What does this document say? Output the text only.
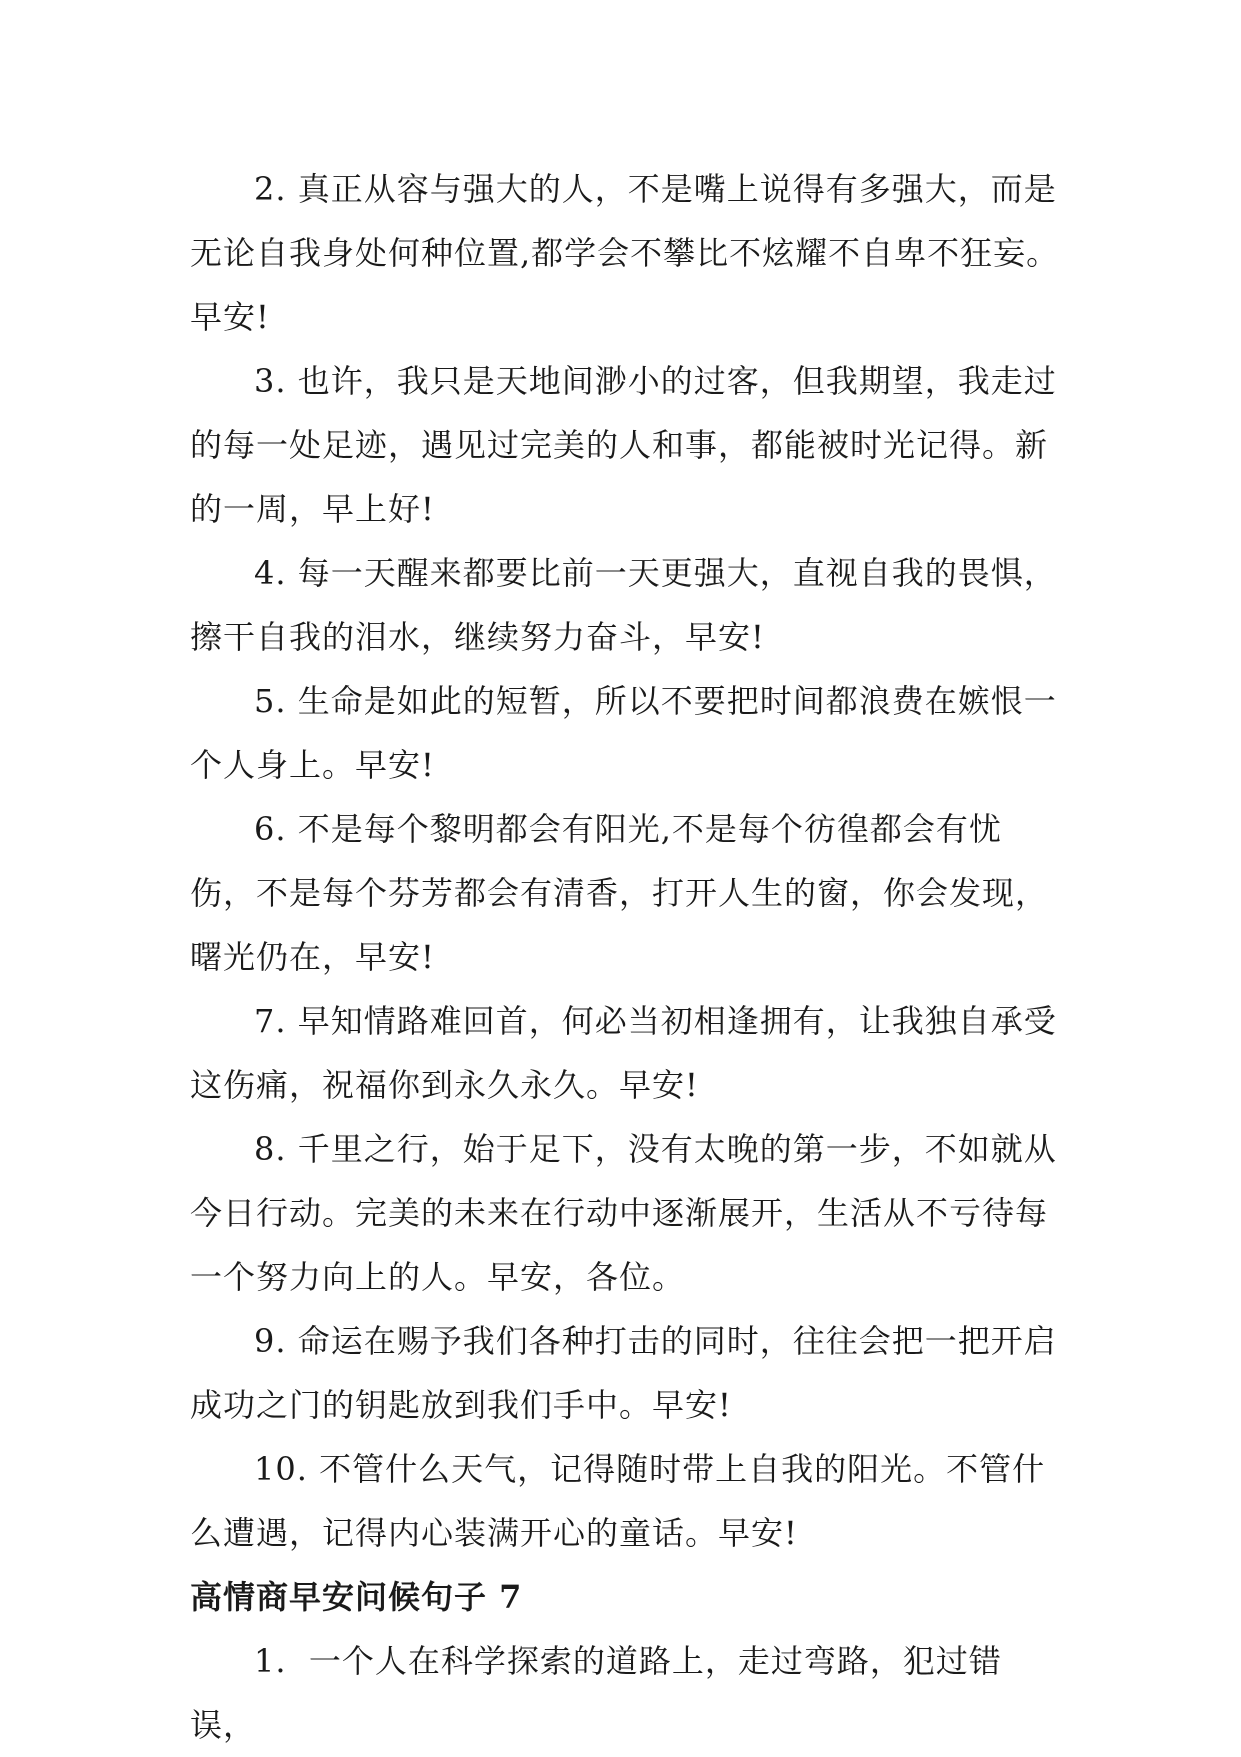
2. 真正从容与强大的人，不是嘴上说得有多强大，而是无论自我身处何种位置,都学会不攀比不炫耀不自卑不狂妄。早安!

3. 也许，我只是天地间渺小的过客，但我期望，我走过的每一处足迹，遇见过完美的人和事，都能被时光记得。新的一周，早上好!

4. 每一天醒来都要比前一天更强大，直视自我的畏惧，擦干自我的泪水，继续努力奋斗，早安!

5. 生命是如此的短暂，所以不要把时间都浪费在嫉恨一个人身上。早安!

6. 不是每个黎明都会有阳光,不是每个彷徨都会有忧伤，不是每个芬芳都会有清香，打开人生的窗，你会发现，曙光仍在，早安!

7. 早知情路难回首，何必当初相逢拥有，让我独自承受这伤痛，祝福你到永久永久。早安!

8. 千里之行，始于足下，没有太晚的第一步，不如就从今日行动。完美的未来在行动中逐渐展开，生活从不亏待每一个努力向上的人。早安，各位。

9. 命运在赐予我们各种打击的同时，往往会把一把开启成功之门的钥匙放到我们手中。早安!

10. 不管什么天气，记得随时带上自我的阳光。不管什么遭遇，记得内心装满开心的童话。早安!

高情商早安问候句子 7

1.  一个人在科学探索的道路上，走过弯路，犯过错误，
